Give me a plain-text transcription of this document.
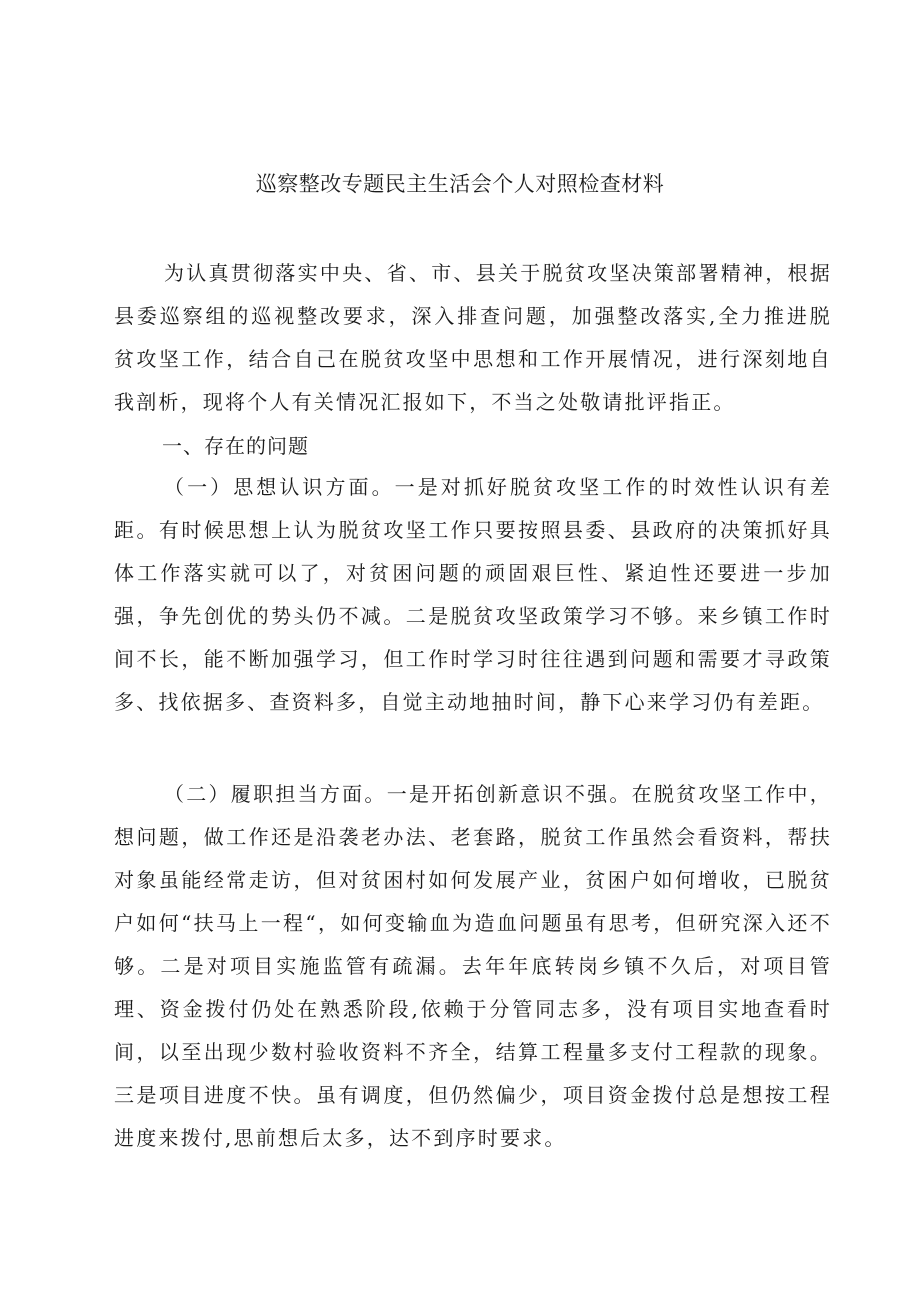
巡察整改专题民主生活会个人对照检查材料

为认真贯彻落实中央、省、市、县关于脱贫攻坚决策部署精神，根据县委巡察组的巡视整改要求，深入排查问题，加强整改落实,全力推进脱贫攻坚工作，结合自己在脱贫攻坚中思想和工作开展情况，进行深刻地自我剖析，现将个人有关情况汇报如下，不当之处敬请批评指正。

一、存在的问题

（一）思想认识方面。一是对抓好脱贫攻坚工作的时效性认识有差距。有时候思想上认为脱贫攻坚工作只要按照县委、县政府的决策抓好具体工作落实就可以了，对贫困问题的顽固艰巨性、紧迫性还要进一步加强，争先创优的势头仍不减。二是脱贫攻坚政策学习不够。来乡镇工作时间不长，能不断加强学习，但工作时学习时往往遇到问题和需要才寻政策多、找依据多、查资料多，自觉主动地抽时间，静下心来学习仍有差距。

（二）履职担当方面。一是开拓创新意识不强。在脱贫攻坚工作中，想问题，做工作还是沿袭老办法、老套路，脱贫工作虽然会看资料，帮扶对象虽能经常走访，但对贫困村如何发展产业，贫困户如何增收，已脱贫户如何“扶马上一程“，如何变输血为造血问题虽有思考，但研究深入还不够。二是对项目实施监管有疏漏。去年年底转岗乡镇不久后，对项目管理、资金拨付仍处在熟悉阶段,依赖于分管同志多，没有项目实地查看时间，以至出现少数村验收资料不齐全，结算工程量多支付工程款的现象。三是项目进度不快。虽有调度，但仍然偏少，项目资金拨付总是想按工程进度来拨付,思前想后太多，达不到序时要求。
